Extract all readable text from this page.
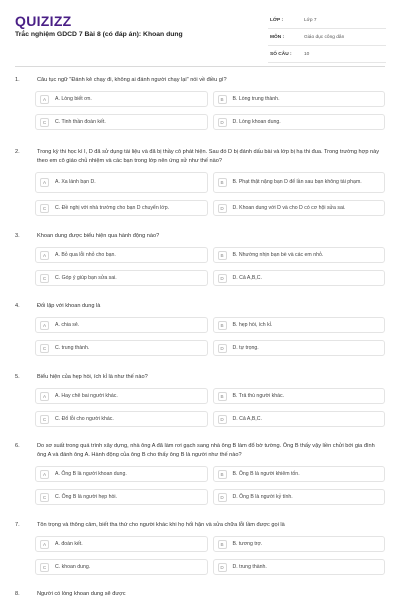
QUIZIZZ
Trắc nghiệm GDCD 7 Bài 8 (có đáp án): Khoan dung
LỚP :	Lớp 7
MÔN :	Giáo dục công dân
SỐ CÂU :	10
1.	Câu tục ngữ "Đánh kẻ chạy đi, không ai đánh người chạy lại" nói về điều gì?
A	A. Lòng biết ơn.	B	B. Lòng trung thành.
C	C. Tinh thần đoàn kết.	D	D. Lòng khoan dung.
2.	Trong kỳ thi học kì I, D đã sử dụng tài liệu và đã bị thầy cô phát hiện. Sau đó D bị đánh dấu bài và lớp bị hạ thi đua. Trong trường hợp này theo em cô giáo chủ nhiệm và các bạn trong lớp nên ứng xử như thế nào?
A	A. Xa lánh bạn D.	B	B. Phạt thật nặng bạn D để lần sau bạn không tái phạm.
C	C. Đề nghị với nhà trường cho bạn D chuyển lớp.	D	D. Khoan dung với D và cho D có cơ hội sửa sai.
3.	Khoan dung được biểu hiện qua hành động nào?
A	A. Bỏ qua lỗi nhỏ cho bạn.	B	B. Nhường nhịn bạn bè và các em nhỏ.
C	C. Góp ý giúp bạn sửa sai.	D	D. Cả A,B,C.
4.	Đối lập với khoan dung là
A	A. chia sẻ.	B	B. hẹp hòi, ích kỉ.
C	C. trung thành.	D	D. tự trọng.
5.	Biểu hiện của hẹp hòi, ích kỉ là như thế nào?
A	A. Hay chê bai người khác.	B	B. Trả thù người khác.
C	C. Đổ lỗi cho người khác.	D	D. Cả A,B,C.
6.	Do sơ suất trong quá trình xây dựng, nhà ông A đã làm rơi gạch sang nhà ông B làm đổ bờ tường. Ông B thấy vậy liền chửi bới gia đình ông A và đánh ông A. Hành động của ông B cho thấy ông B là người như thế nào?
A	A. Ông B là người khoan dung.	B	B. Ông B là người khiêm tốn.
C	C. Ông B là người hẹp hòi.	D	D. Ông B là người kỷ tính.
7.	Tôn trọng và thông cảm, biết tha thứ cho người khác khi họ hối hận và sửa chữa lỗi lầm được gọi là
A	A. đoàn kết.	B	B. tương trợ.
C	C. khoan dung.	D	D. trung thành.
8.	Người có lòng khoan dung sẽ được
